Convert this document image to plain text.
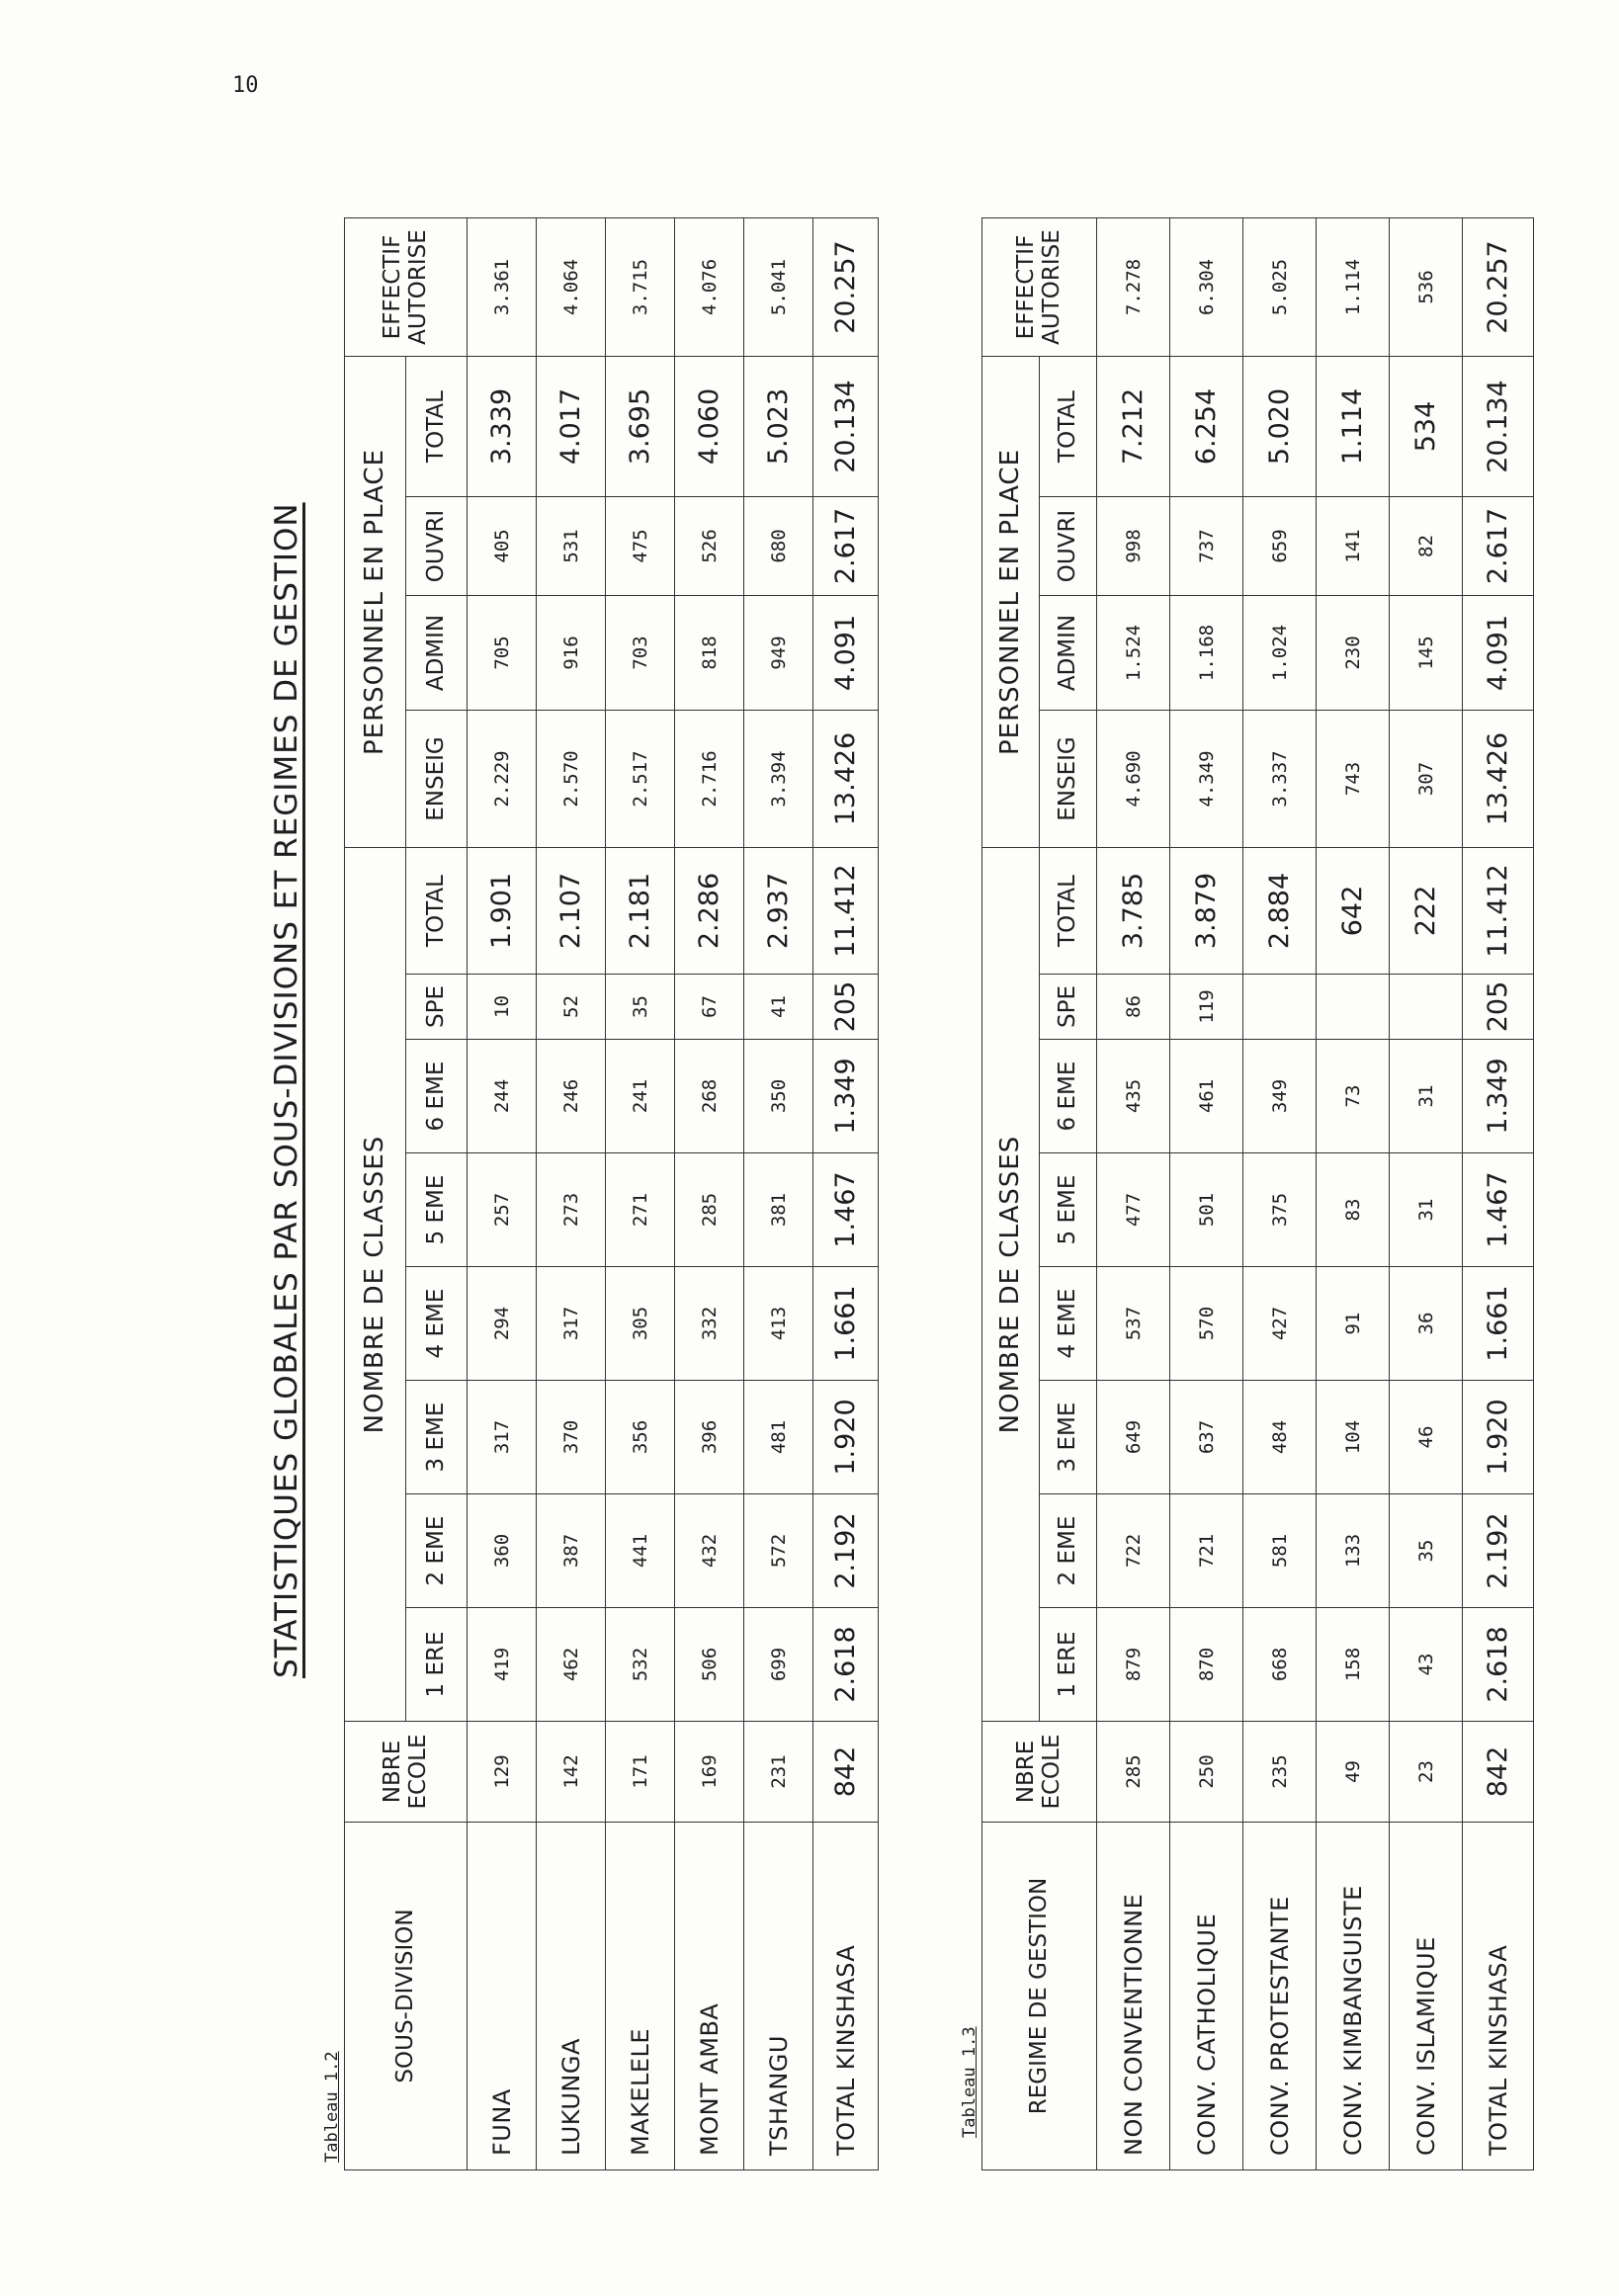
10
STATISTIQUES GLOBALES PAR SOUS-DIVISIONS ET REGIMES DE GESTION
Tableau 1.2
SOUS-DIVISION	NBRE
ECOLE	NOMBRE DE CLASSES								PERSONNEL EN PLACE				EFFECTIF
AUTORISE
		1 ERE	2 EME	3 EME	4 EME	5 EME	6 EME	SPE	TOTAL	ENSEIG	ADMIN	OUVRI	TOTAL	
FUNA	129	419	360	317	294	257	244	10	1.901	2.229	705	405	3.339	3.361
LUKUNGA	142	462	387	370	317	273	246	52	2.107	2.570	916	531	4.017	4.064
MAKELELE	171	532	441	356	305	271	241	35	2.181	2.517	703	475	3.695	3.715
MONT AMBA	169	506	432	396	332	285	268	67	2.286	2.716	818	526	4.060	4.076
TSHANGU	231	699	572	481	413	381	350	41	2.937	3.394	949	680	5.023	5.041
TOTAL KINSHASA	842	2.618	2.192	1.920	1.661	1.467	1.349	205	11.412	13.426	4.091	2.617	20.134	20.257
Tableau 1.3 REGIME DE GESTION	NBRE
ECOLE	NOMBRE DE CLASSES								PERSONNEL EN PLACE				EFFECTIF
AUTORISE
		1 ERE	2 EME	3 EME	4 EME	5 EME	6 EME	SPE	TOTAL	ENSEIG	ADMIN	OUVRI	TOTAL	
NON CONVENTIONNE	285	879	722	649	537	477	435	86	3.785	4.690	1.524	998	7.212	7.278
CONV. CATHOLIQUE	250	870	721	637	570	501	461	119	3.879	4.349	1.168	737	6.254	6.304
CONV. PROTESTANTE	235	668	581	484	427	375	349		2.884	3.337	1.024	659	5.020	5.025
CONV. KIMBANGUISTE	49	158	133	104	91	83	73		642	743	230	141	1.114	1.114
CONV. ISLAMIQUE	23	43	35	46	36	31	31		222	307	145	82	534	536
TOTAL KINSHASA	842	2.618	2.192	1.920	1.661	1.467	1.349	205	11.412	13.426	4.091	2.617	20.134	20.257
